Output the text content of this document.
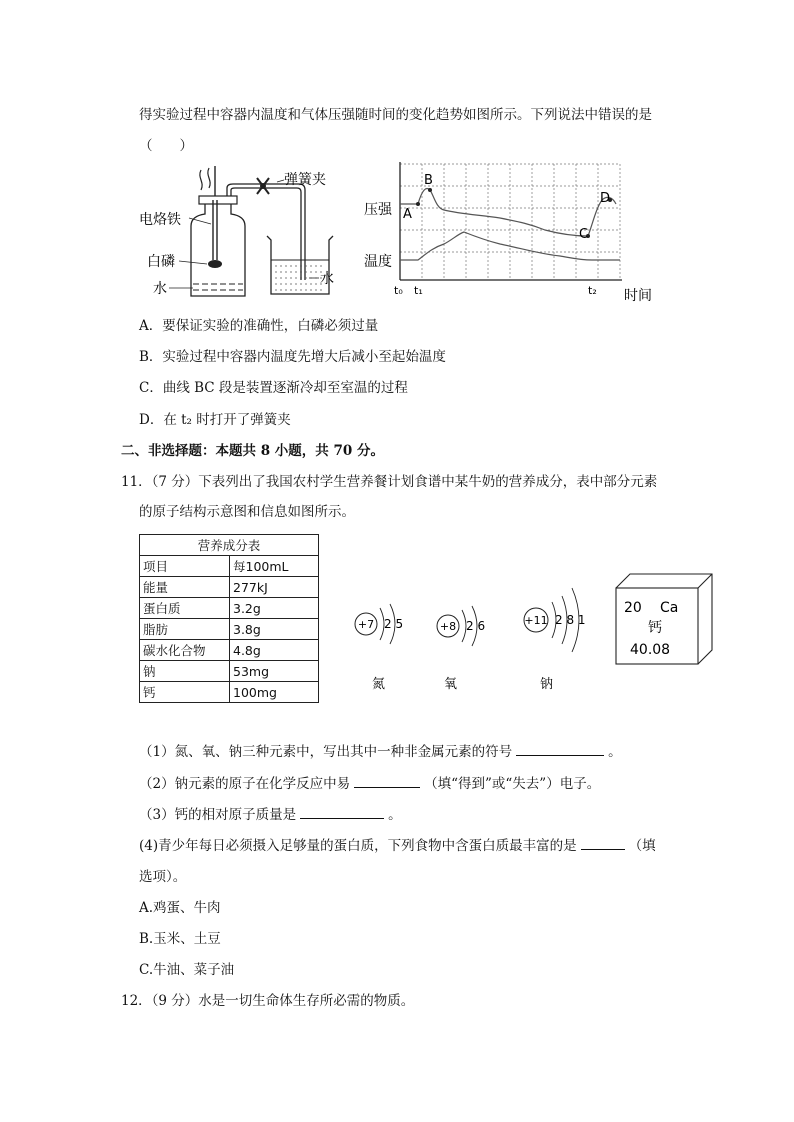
得实验过程中容器内温度和气体压强随时间的变化趋势如图所示。下列说法中错误的是
（　　）
弹簧夹
电烙铁
白磷
水
水
压强
温度
A
B
C
D
t₀ t₁	t₂ 时间
A．要保证实验的准确性，白磷必须过量
B．实验过程中容器内温度先增大后减小至起始温度
C．曲线 BC 段是装置逐渐冷却至室温的过程
D．在 t₂ 时打开了弹簧夹
二、非选择题：本题共 8 小题，共 70 分。
11．（7 分）下表列出了我国农村学生营养餐计划食谱中某牛奶的营养成分，表中部分元素
的原子结构示意图和信息如图所示。
营养成分表	
项目	每100mL
能量	277kJ
蛋白质	3.2g
脂肪	3.8g
碳水化合物	4.8g
钠	53mg
钙	100mg
+7 2 5
氮
+8 2 6
氧
+11 2 8 1
钠
20 Ca
钙
40.08
（1）氮、氧、钠三种元素中，写出其中一种非金属元素的符号	。
（2）钠元素的原子在化学反应中易	（填“得到”或“失去”）电子。
（3）钙的相对原子质量是	。
(4)青少年每日必须摄入足够量的蛋白质，下列食物中含蛋白质最丰富的是	（填
选项）。
A.鸡蛋、牛肉
B.玉米、土豆
C.牛油、菜子油
12．（9 分）水是一切生命体生存所必需的物质。
